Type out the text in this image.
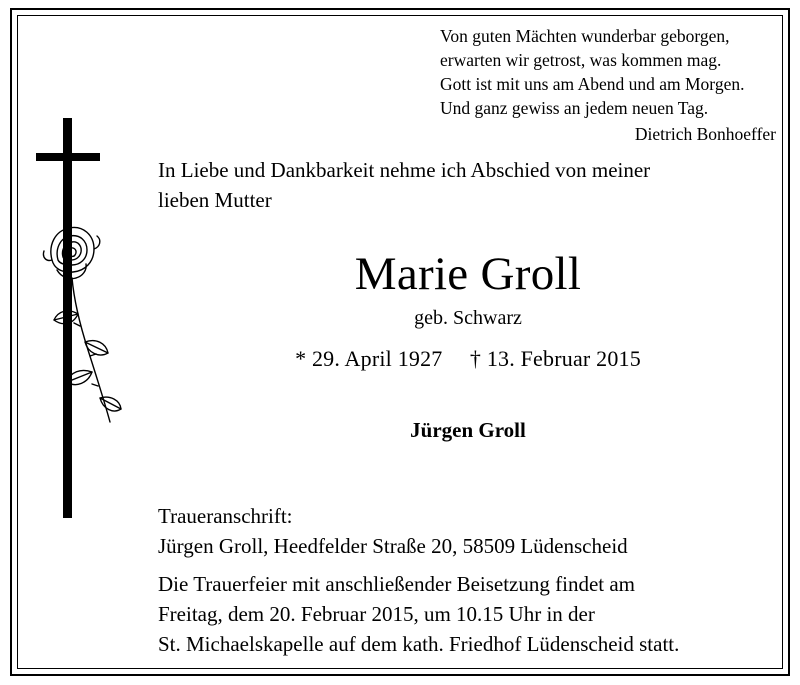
Von guten Mächten wunderbar geborgen,
erwarten wir getrost, was kommen mag.
Gott ist mit uns am Abend und am Morgen.
Und ganz gewiss an jedem neuen Tag.
Dietrich Bonhoeffer
In Liebe und Dankbarkeit nehme ich Abschied von meiner
lieben Mutter
Marie Groll
geb. Schwarz
* 29. April 1927 † 13. Februar 2015
Jürgen Groll
Traueranschrift:
Jürgen Groll, Heedfelder Straße 20, 58509 Lüdenscheid
Die Trauerfeier mit anschließender Beisetzung findet am
Freitag, dem 20. Februar 2015, um 10.15 Uhr in der
St. Michaelskapelle auf dem kath. Friedhof Lüdenscheid statt.
